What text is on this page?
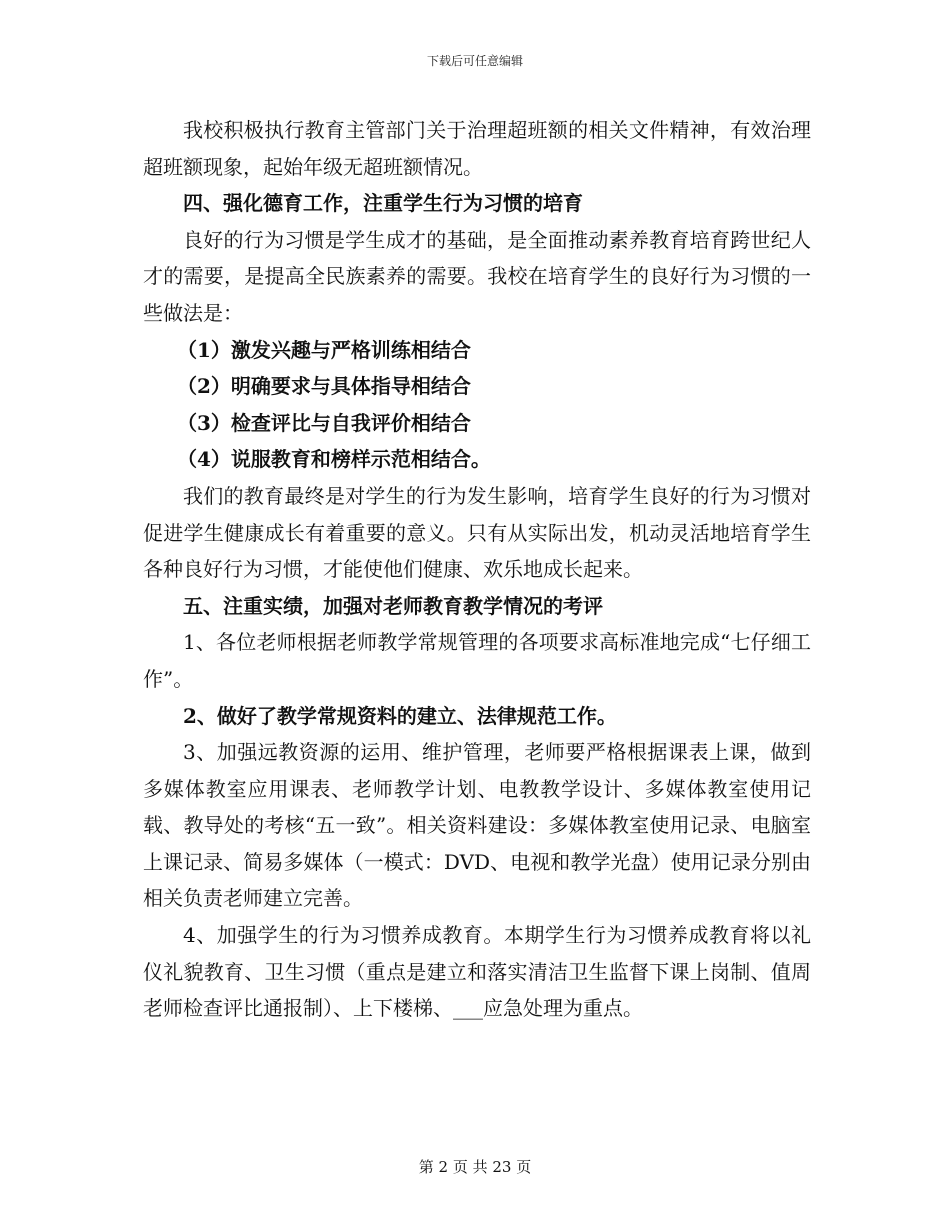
下载后可任意编辑

我校积极执行教育主管部门关于治理超班额的相关文件精神，有效治理超班额现象，起始年级无超班额情况。

四、强化德育工作，注重学生行为习惯的培育

良好的行为习惯是学生成才的基础，是全面推动素养教育培育跨世纪人才的需要，是提高全民族素养的需要。我校在培育学生的良好行为习惯的一些做法是：

（1）激发兴趣与严格训练相结合

（2）明确要求与具体指导相结合

（3）检查评比与自我评价相结合

（4）说服教育和榜样示范相结合。

我们的教育最终是对学生的行为发生影响，培育学生良好的行为习惯对促进学生健康成长有着重要的意义。只有从实际出发，机动灵活地培育学生各种良好行为习惯，才能使他们健康、欢乐地成长起来。

五、注重实绩，加强对老师教育教学情况的考评

1、各位老师根据老师教学常规管理的各项要求高标准地完成“七仔细工作”。

2、做好了教学常规资料的建立、法律规范工作。

3、加强远教资源的运用、维护管理，老师要严格根据课表上课，做到多媒体教室应用课表、老师教学计划、电教教学设计、多媒体教室使用记载、教导处的考核“五一致”。相关资料建设：多媒体教室使用记录、电脑室上课记录、简易多媒体（一模式：DVD、电视和教学光盘）使用记录分别由相关负责老师建立完善。

4、加强学生的行为习惯养成教育。本期学生行为习惯养成教育将以礼仪礼貌教育、卫生习惯（重点是建立和落实清洁卫生监督下课上岗制、值周老师检查评比通报制）、上下楼梯、___应急处理为重点。

第 2 页 共 23 页
